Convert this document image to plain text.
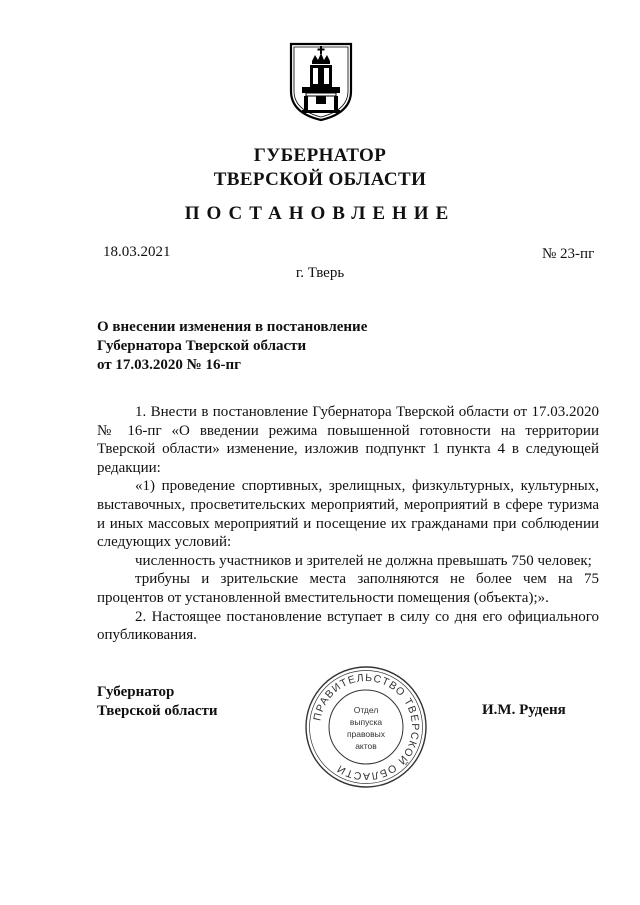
ГУБЕРНАТОР
ТВЕРСКОЙ ОБЛАСТИ
ПОСТАНОВЛЕНИЕ
18.03.2021	№ 23-пг
г. Тверь
О внесении изменения в постановление
Губернатора Тверской области
от 17.03.2020 № 16-пг

1. Внести в постановление Губернатора Тверской области от 17.03.2020 № 16-пг «О введении режима повышенной готовности на территории Тверской области» изменение, изложив подпункт 1 пункта 4 в следующей редакции:

«1) проведение спортивных, зрелищных, физкультурных, культурных, выставочных, просветительских мероприятий, мероприятий в сфере туризма и иных массовых мероприятий и посещение их гражданами при соблюдении следующих условий:

численность участников и зрителей не должна превышать 750 человек;

трибуны и зрительские места заполняются не более чем на 75 процентов от установленной вместительности помещения (объекта);».

2. Настоящее постановление вступает в силу со дня его официального опубликования.

Губернатор
Тверской области	И.М. Руденя
ПРАВИТЕЛЬСТВО ТВЕРСКОЙ ОБЛАСТИ
Отдел
выпуска
правовых
актов
